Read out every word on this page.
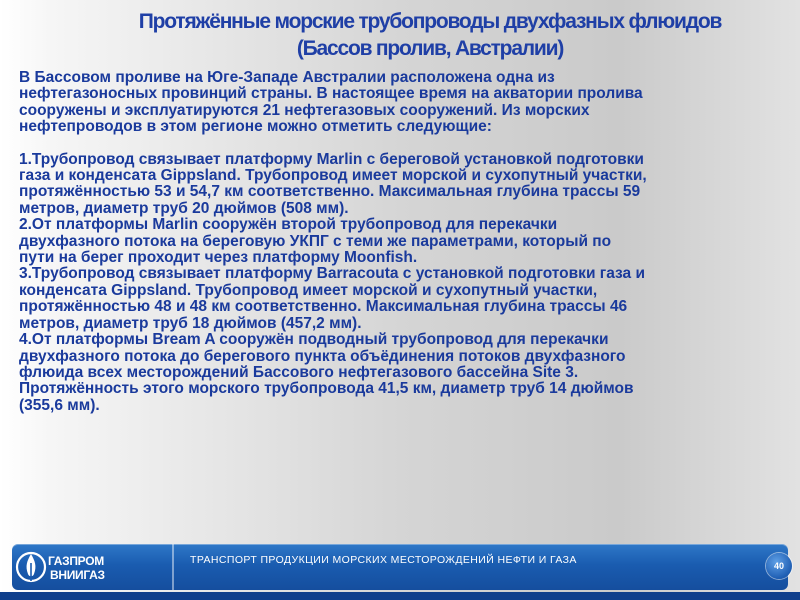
Протяжённые морские трубопроводы двухфазных флюидов
(Бассов пролив, Австралии)

В Бассовом проливе на Юге-Западе Австралии расположена одна из

нефтегазоносных провинций страны. В настоящее время на акватории пролива

сооружены и эксплуатируются 21 нефтегазовых сооружений. Из морских

нефтепроводов в этом регионе можно отметить следующие:

1.Трубопровод связывает платформу Marlin с береговой установкой подготовки

газа и конденсата Gippsland. Трубопровод имеет морской и сухопутный участки,

протяжённостью 53 и 54,7 км соответственно. Максимальная глубина трассы 59

метров, диаметр труб 20 дюймов (508 мм).

2.От платформы Marlin сооружён второй трубопровод для перекачки

двухфазного потока на береговую УКПГ с теми же параметрами, который по

пути на берег проходит через платформу Moonfish.

3.Трубопровод связывает платформу Barracouta с установкой подготовки газа и

конденсата Gippsland. Трубопровод имеет морской и сухопутный участки,

протяжённостью 48 и 48 км соответственно. Максимальная глубина трассы 46

метров, диаметр труб 18 дюймов (457,2 мм).

4.От платформы Bream A сооружён подводный трубопровод для перекачки

двухфазного потока до берегового пункта объёдинения потоков двухфазного

флюида всех месторождений Бассового нефтегазового бассейна Site 3.

Протяжённость этого морского трубопровода 41,5 км, диаметр труб 14 дюймов

(355,6 мм).

ГАЗПРОМ
ВНИИГАЗ
ТРАНСПОРТ ПРОДУКЦИИ МОРСКИХ МЕСТОРОЖДЕНИЙ НЕФТИ И ГАЗА	40
